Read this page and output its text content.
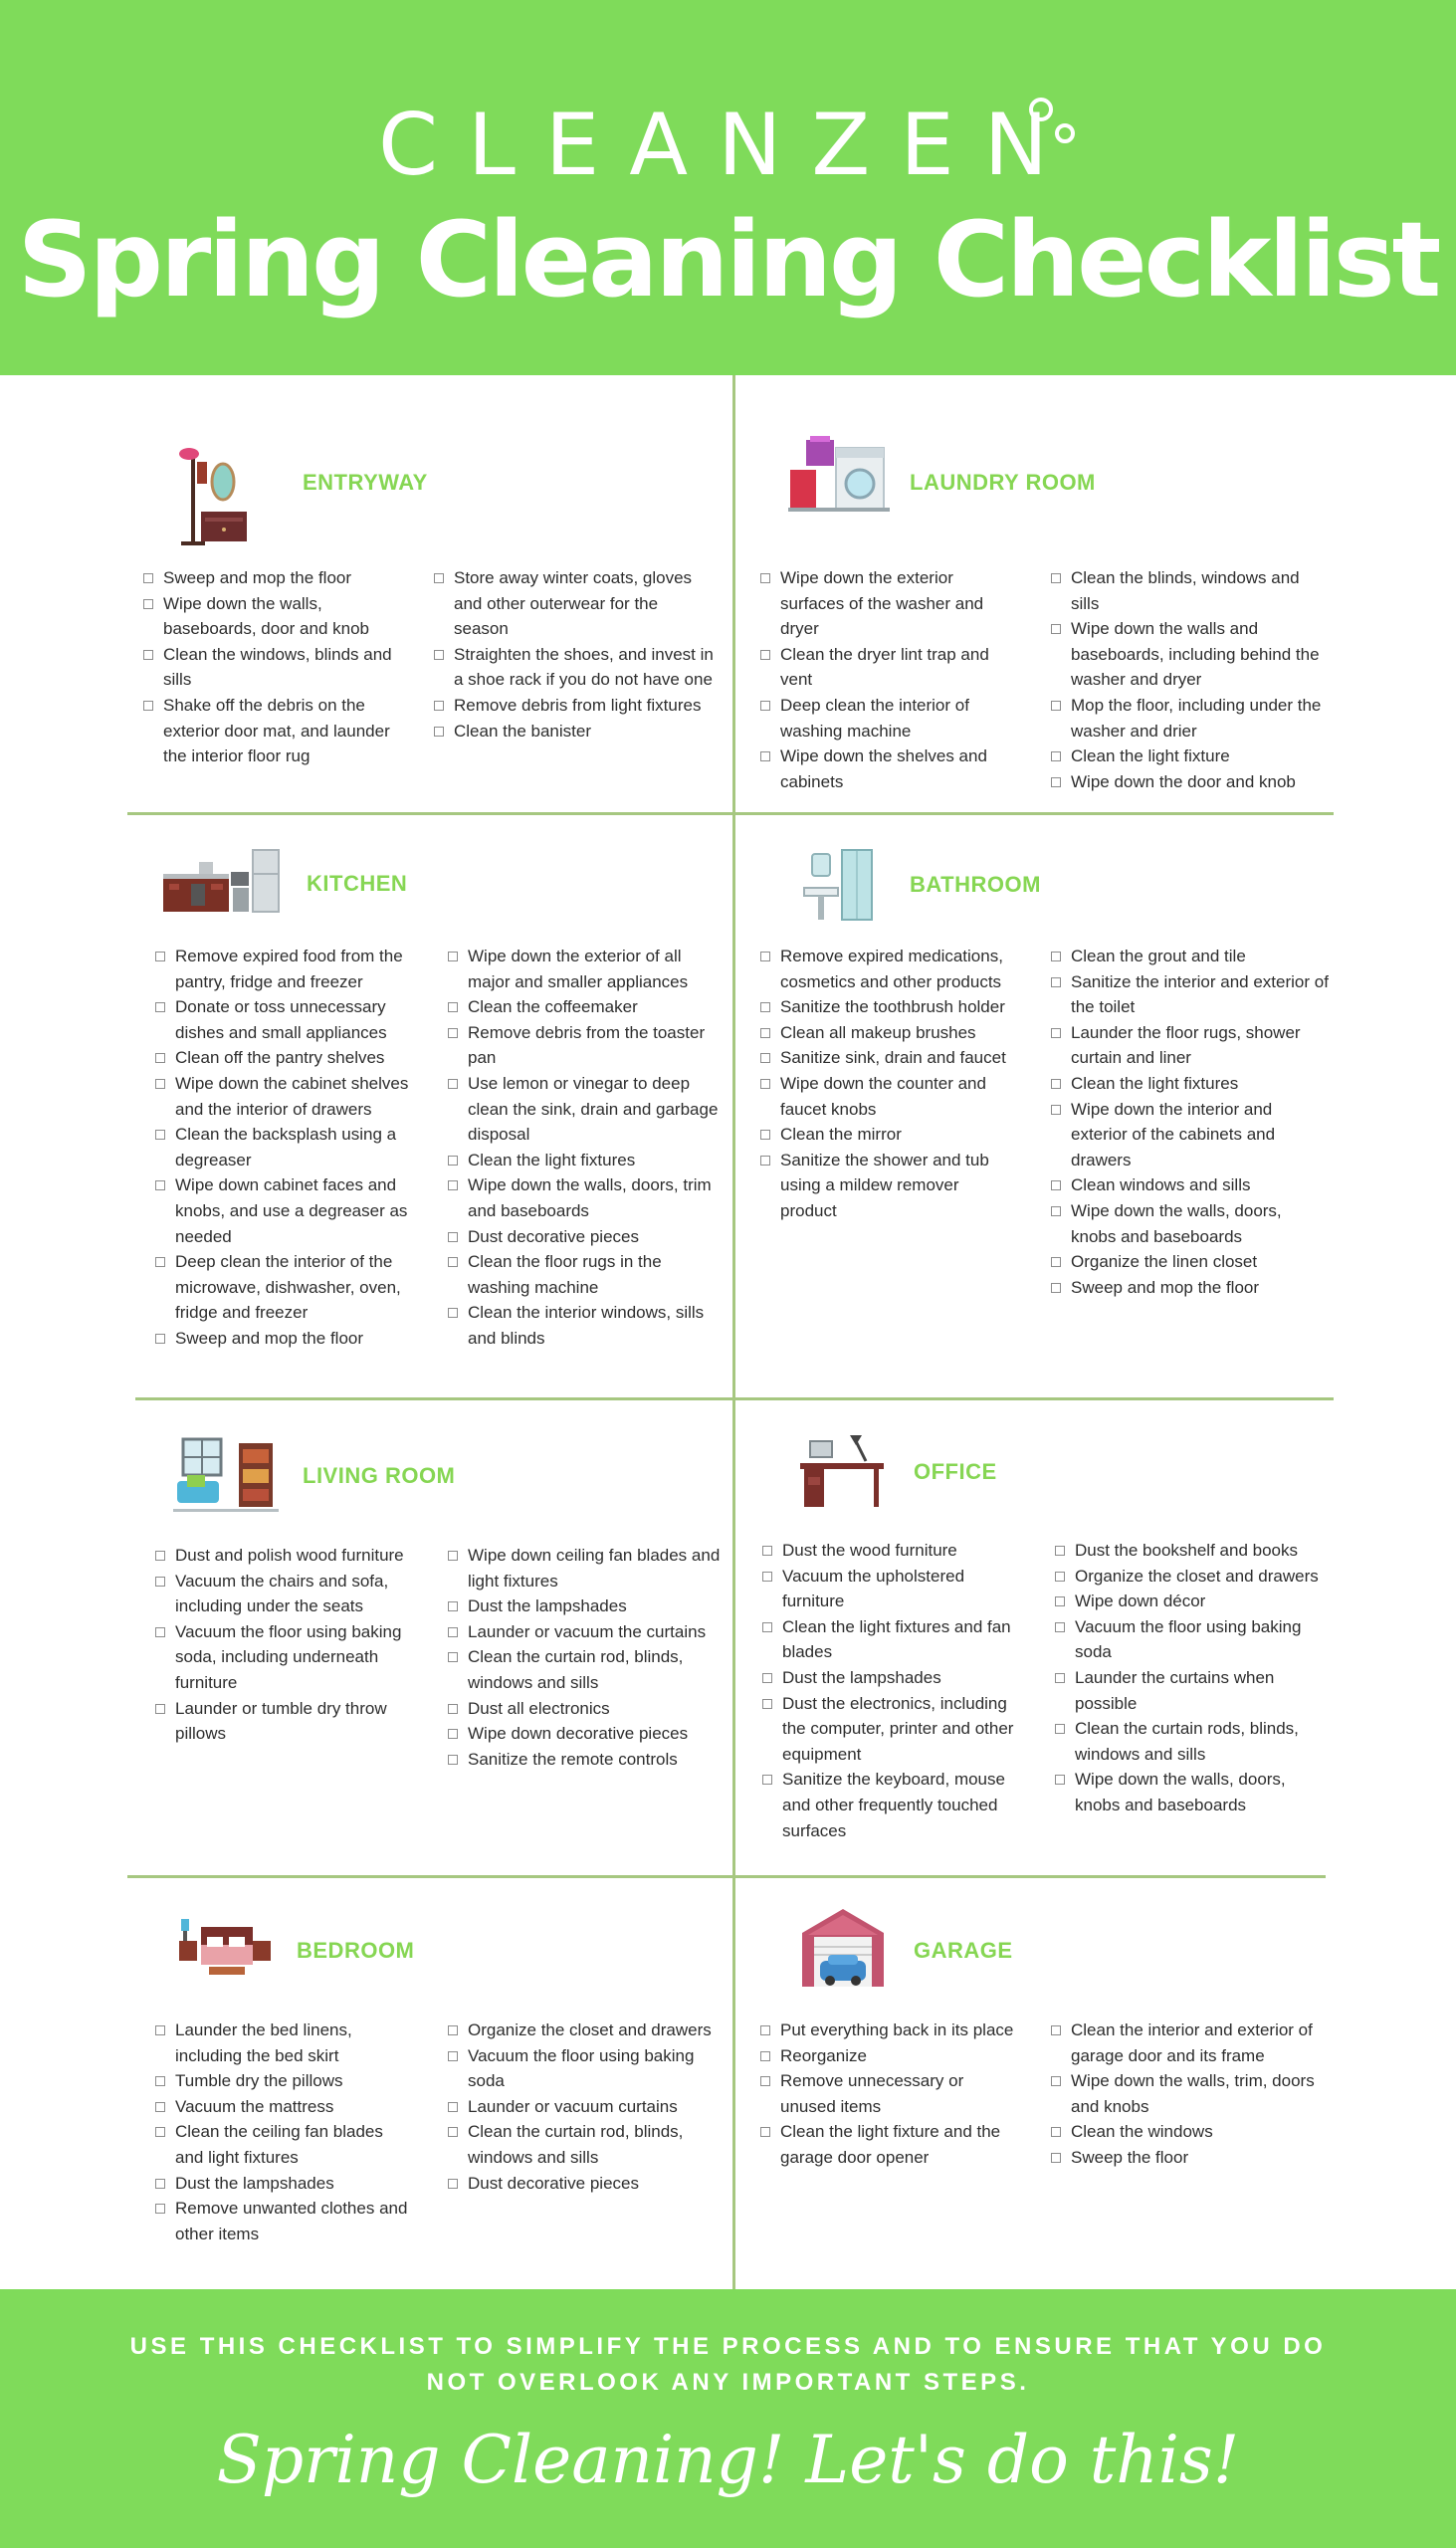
CLEANZEN
Spring Cleaning Checklist
ENTRYWAY
Sweep and mop the floor
Wipe down the walls, baseboards, door and knob
Clean the windows, blinds and sills
Shake off the debris on the exterior door mat, and launder the interior floor rug
Store away winter coats, gloves and other outerwear for the season
Straighten the shoes, and invest in a shoe rack if you do not have one
Remove debris from light fixtures
Clean the banister
LAUNDRY ROOM
Wipe down the exterior surfaces of the washer and dryer
Clean the dryer lint trap and vent
Deep clean the interior of washing machine
Wipe down the shelves and cabinets
Clean the blinds, windows and sills
Wipe down the walls and baseboards, including behind the washer and dryer
Mop the floor, including under the washer and drier
Clean the light fixture
Wipe down the door and knob
KITCHEN
Remove expired food from the pantry, fridge and freezer
Donate or toss unnecessary dishes and small appliances
Clean off the pantry shelves
Wipe down the cabinet shelves and the interior of drawers
Clean the backsplash using a degreaser
Wipe down cabinet faces and knobs, and use a degreaser as needed
Deep clean the interior of the microwave, dishwasher, oven, fridge and freezer
Sweep and mop the floor
Wipe down the exterior of all major and smaller appliances
Clean the coffeemaker
Remove debris from the toaster pan
Use lemon or vinegar to deep clean the sink, drain and garbage disposal
Clean the light fixtures
Wipe down the walls, doors, trim and baseboards
Dust decorative pieces
Clean the floor rugs in the washing machine
Clean the interior windows, sills and blinds
BATHROOM
Remove expired medications, cosmetics and other products
Sanitize the toothbrush holder
Clean all makeup brushes
Sanitize sink, drain and faucet
Wipe down the counter and faucet knobs
Clean the mirror
Sanitize the shower and tub using a mildew remover product
Clean the grout and tile
Sanitize the interior and exterior of the toilet
Launder the floor rugs, shower curtain and liner
Clean the light fixtures
Wipe down the interior and exterior of the cabinets and drawers
Clean windows and sills
Wipe down the walls, doors, knobs and baseboards
Organize the linen closet
Sweep and mop the floor
LIVING ROOM
Dust and polish wood furniture
Vacuum the chairs and sofa, including under the seats
Vacuum the floor using baking soda, including underneath furniture
Launder or tumble dry throw pillows
Wipe down ceiling fan blades and light fixtures
Dust the lampshades
Launder or vacuum the curtains
Clean the curtain rod, blinds, windows and sills
Dust all electronics
Wipe down decorative pieces
Sanitize the remote controls
OFFICE
Dust the wood furniture
Vacuum the upholstered furniture
Clean the light fixtures and fan blades
Dust the lampshades
Dust the electronics, including the computer, printer and other equipment
Sanitize the keyboard, mouse and other frequently touched surfaces
Dust the bookshelf and books
Organize the closet and drawers
Wipe down décor
Vacuum the floor using baking soda
Launder the curtains when possible
Clean the curtain rods, blinds, windows and sills
Wipe down the walls, doors, knobs and baseboards
BEDROOM
Launder the bed linens, including the bed skirt
Tumble dry the pillows
Vacuum the mattress
Clean the ceiling fan blades and light fixtures
Dust the lampshades
Remove unwanted clothes and other items
Organize the closet and drawers
Vacuum the floor using baking soda
Launder or vacuum curtains
Clean the curtain rod, blinds, windows and sills
Dust decorative pieces
GARAGE
Put everything back in its place
Reorganize
Remove unnecessary or unused items
Clean the light fixture and the garage door opener
Clean the interior and exterior of garage door and its frame
Wipe down the walls, trim, doors and knobs
Clean the windows
Sweep the floor
USE THIS CHECKLIST TO SIMPLIFY THE PROCESS AND TO ENSURE THAT YOU DO NOT OVERLOOK ANY IMPORTANT STEPS.
Spring Cleaning! Let's do this!
